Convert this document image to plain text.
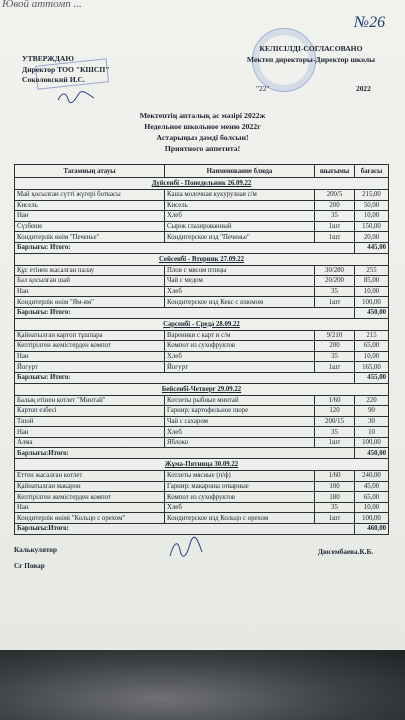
Ювой аттомп ...
№26
УТВЕРЖДАЮ
Директор ТОО "КШСП"
Соколовский И.С.
КЕЛІСІЛДІ-СОГЛАСОВАНО
Мектеп директоры-Директор школы
"22"	2022
Мектептің апталық ас мәзірі 2022ж
Недельное школьное меню 2022г
Астарыңыз дәмді болсын!
Приятного аппетита!
Тағамның атауы	Наименование блюда	шығымы	бағасы
Дүйсенбі - Понедельник 26.09.22			
Май қосылған сүтті жүгері боткасы	Каша молочная кукурузная с/м	200/5	215,00
Кисель	Кисель	200	50,00
Нан	Хлеб	35	10,00
Сүзбеше	Сырок глазированный	1шт	150,00
Кондитерлік өнім "Печенье"	Кондитерское изд "Печенье"	1шт	20,00
Барлығы: Итого:			445,00
Сейсенбі - Вторник 27.09.22			
Құс етінен жасалған палау	Плов с мясом птицы	30/280	255
Бал қосылған шай	Чай с медом	20/200	85,00
Нан	Хлеб	35	10,00
Кондитерлік өнім "Ям-ям"	Кондитерское изд Кекс с изюмом	1шт	100,00
Барлығы: Итого:			450,00
Сәрсенбі - Среда 28.09.22			
Қайнатылған картоп тұшпара	Вареники с карт и с/м	9/210	215
Кептірілген жемістерден компот	Компот из сухофруктов	200	65,00
Нан	Хлеб	35	10,00
Йогурт	Йогурт	1шт	165,00
Барлығы: Итого:			455,00
Бейсенбі-Четверг 29.09.22			
Балық етінен котлет "Минтай"	Котлеты рыбные минтай	1/60	220
Картоп езбесі	Гарнир: картофельное пюре	120	90
Тшой	Чай с сахаром	200/15	30
Нан	Хлеб	35	10
Алма	Яблоко	1шт	100,00
Барлығы:Итого:			450,00
Жұма-Пятница 30.09.22			
Еттен жасалған котлет	Котлеты мясные (п/ф)	1/60	240,00
Қайнатылған макарон	Гарнир: макароны отварные	100	45,00
Кептірілген жемістерден компот	Компот из сухофруктов	180	65,00
Нан	Хлеб	35	10,00
Кондитерлік өнімі "Кольцо с орехом"	Кондитерское изд Кольцо с орехом	1шт	100,00
Барлығы:Итого:			460,00
Калькулятор
Сг Повар
Дюсембаева.К.Б.
